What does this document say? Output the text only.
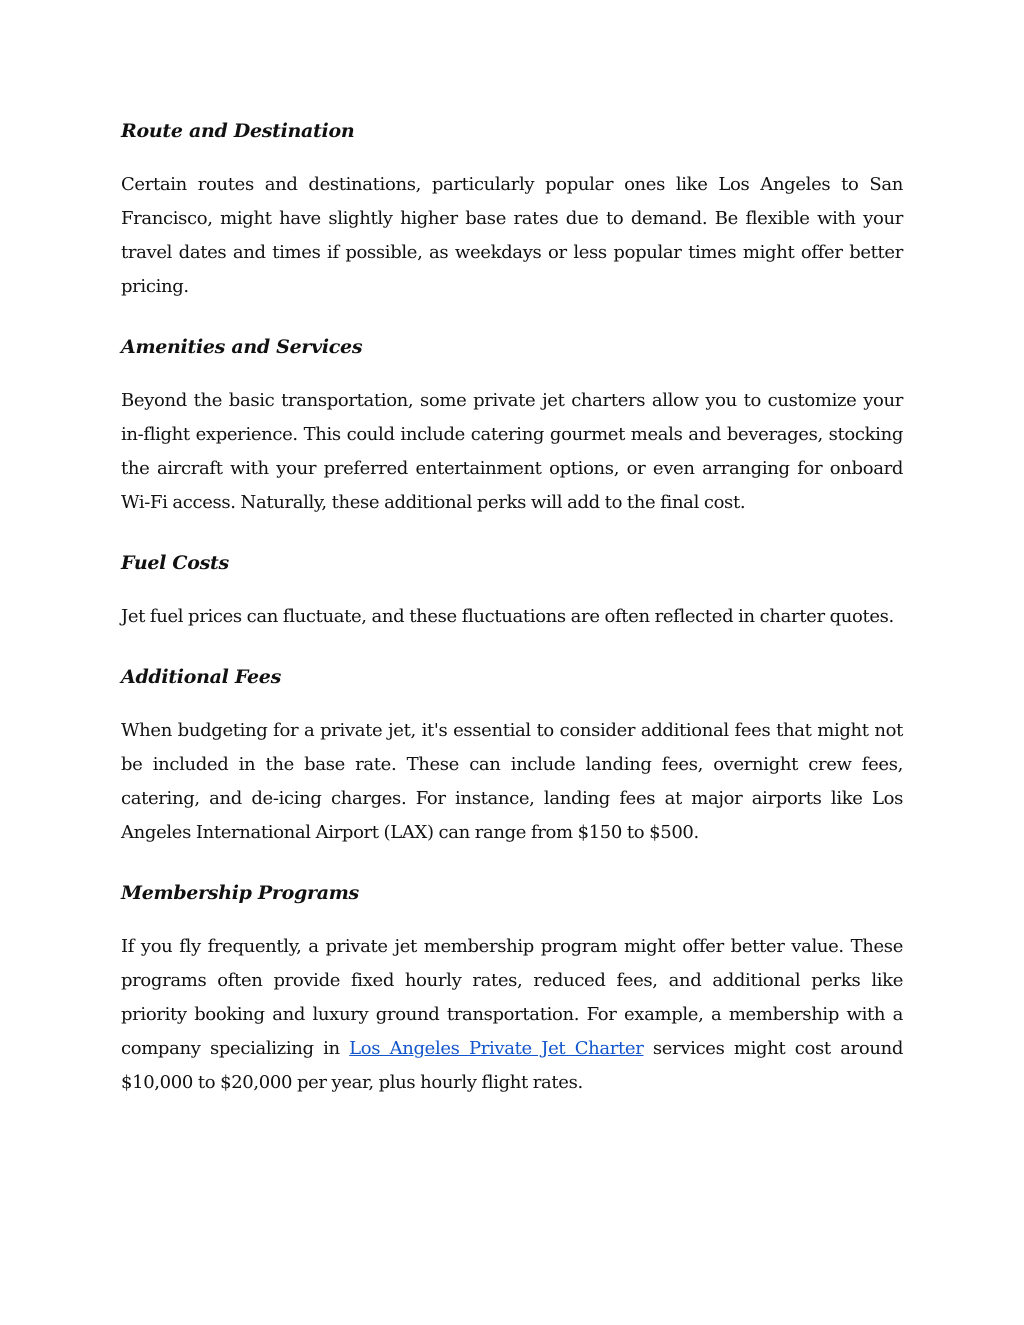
Route and Destination

Certain routes and destinations, particularly popular ones like Los Angeles to San Francisco, might have slightly higher base rates due to demand. Be flexible with your travel dates and times if possible, as weekdays or less popular times might offer better pricing.

Amenities and Services

Beyond the basic transportation, some private jet charters allow you to customize your in-flight experience. This could include catering gourmet meals and beverages, stocking the aircraft with your preferred entertainment options, or even arranging for onboard Wi-Fi access. Naturally, these additional perks will add to the final cost.

Fuel Costs

Jet fuel prices can fluctuate, and these fluctuations are often reflected in charter quotes.

Additional Fees

When budgeting for a private jet, it's essential to consider additional fees that might not be included in the base rate. These can include landing fees, overnight crew fees, catering, and de-icing charges. For instance, landing fees at major airports like Los Angeles International Airport (LAX) can range from $150 to $500.

Membership Programs

If you fly frequently, a private jet membership program might offer better value. These programs often provide fixed hourly rates, reduced fees, and additional perks like priority booking and luxury ground transportation. For example, a membership with a company specializing in Los Angeles Private Jet Charter services might cost around $10,000 to $20,000 per year, plus hourly flight rates.
